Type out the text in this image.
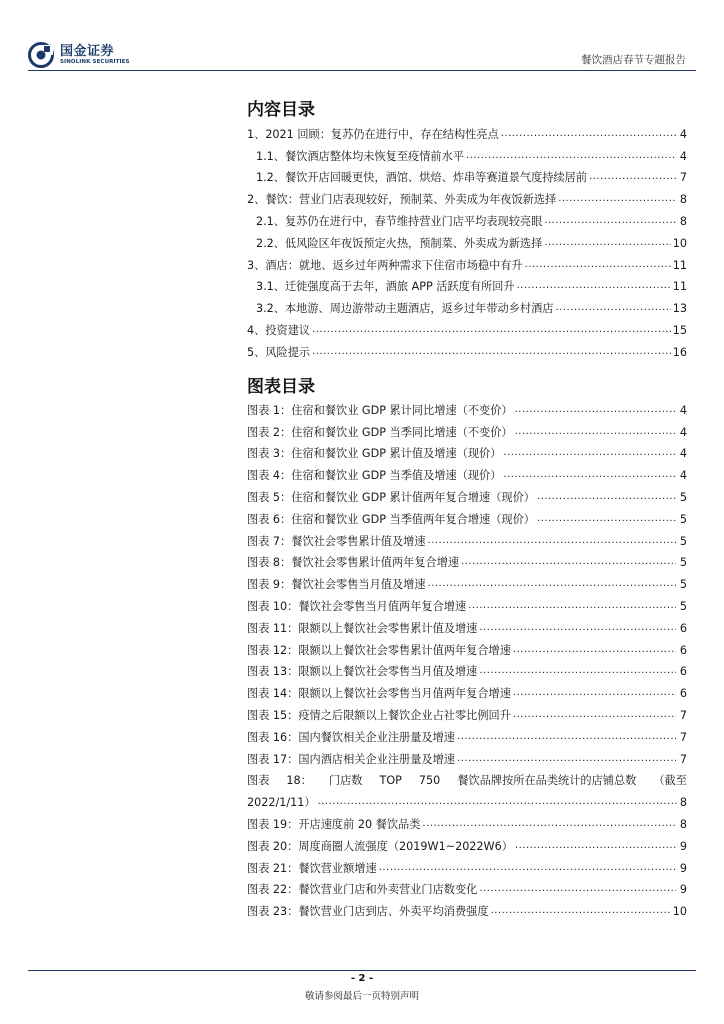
国金证券
SINOLINK SECURITIES	餐饮酒店春节专题报告
内容目录
1、 2021 回顾：复苏仍在进行中，存在结构性亮点 .....	4
1.1、 餐饮酒店整体均未恢复至疫情前水平 .....	4
1.2、 餐饮开店回暖更快，酒馆、烘焙、炸串等赛道景气度持续居前 .....	7
2、 餐饮：营业门店表现较好，预制菜、外卖成为年夜饭新选择 .....	8
2.1、 复苏仍在进行中，春节维持营业门店平均表现较亮眼 .....	8
2.2、 低风险区年夜饭预定火热，预制菜、外卖成为新选择 .....	10
3、 酒店：就地、返乡过年两种需求下住宿市场稳中有升 .....	11
3.1、 迁徙强度高于去年，酒旅 APP 活跃度有所回升 .....	11
3.2、 本地游、周边游带动主题酒店，返乡过年带动乡村酒店 .....	13
4、 投资建议 .....	15
5、 风险提示 .....	16
图表目录
图表 1： 住宿和餐饮业 GDP 累计同比增速（不变价） .....	4
图表 2： 住宿和餐饮业 GDP 当季同比增速（不变价） .....	4
图表 3： 住宿和餐饮业 GDP 累计值及增速（现价） .....	4
图表 4： 住宿和餐饮业 GDP 当季值及增速（现价） .....	4
图表 5： 住宿和餐饮业 GDP 累计值两年复合增速（现价） .....	5
图表 6： 住宿和餐饮业 GDP 当季值两年复合增速（现价） .....	5
图表 7： 餐饮社会零售累计值及增速 .....	5
图表 8： 餐饮社会零售累计值两年复合增速 .....	5
图表 9： 餐饮社会零售当月值及增速 .....	5
图表 10： 餐饮社会零售当月值两年复合增速 .....	5
图表 11： 限额以上餐饮社会零售累计值及增速 .....	6
图表 12： 限额以上餐饮社会零售累计值两年复合增速 .....	6
图表 13： 限额以上餐饮社会零售当月值及增速 .....	6
图表 14： 限额以上餐饮社会零售当月值两年复合增速 .....	6
图表 15： 疫情之后限额以上餐饮企业占社零比例回升 .....	7
图表 16： 国内餐饮相关企业注册量及增速 .....	7
图表 17： 国内酒店相关企业注册量及增速 .....	7
图表 18： 门店数 TOP 750 餐饮品牌按所在品类统计的店铺总数 （截至
2022/1/11） .....	8
图表 19： 开店速度前 20 餐饮品类 .....	8
图表 20： 周度商圈人流强度（2019W1~2022W6） .....	9
图表 21： 餐饮营业额增速 .....	9
图表 22： 餐饮营业门店和外卖营业门店数变化 .....	9
图表 23： 餐饮营业门店到店、外卖平均消费强度 .....	10
- 2 -
敬请参阅最后一页特别声明
